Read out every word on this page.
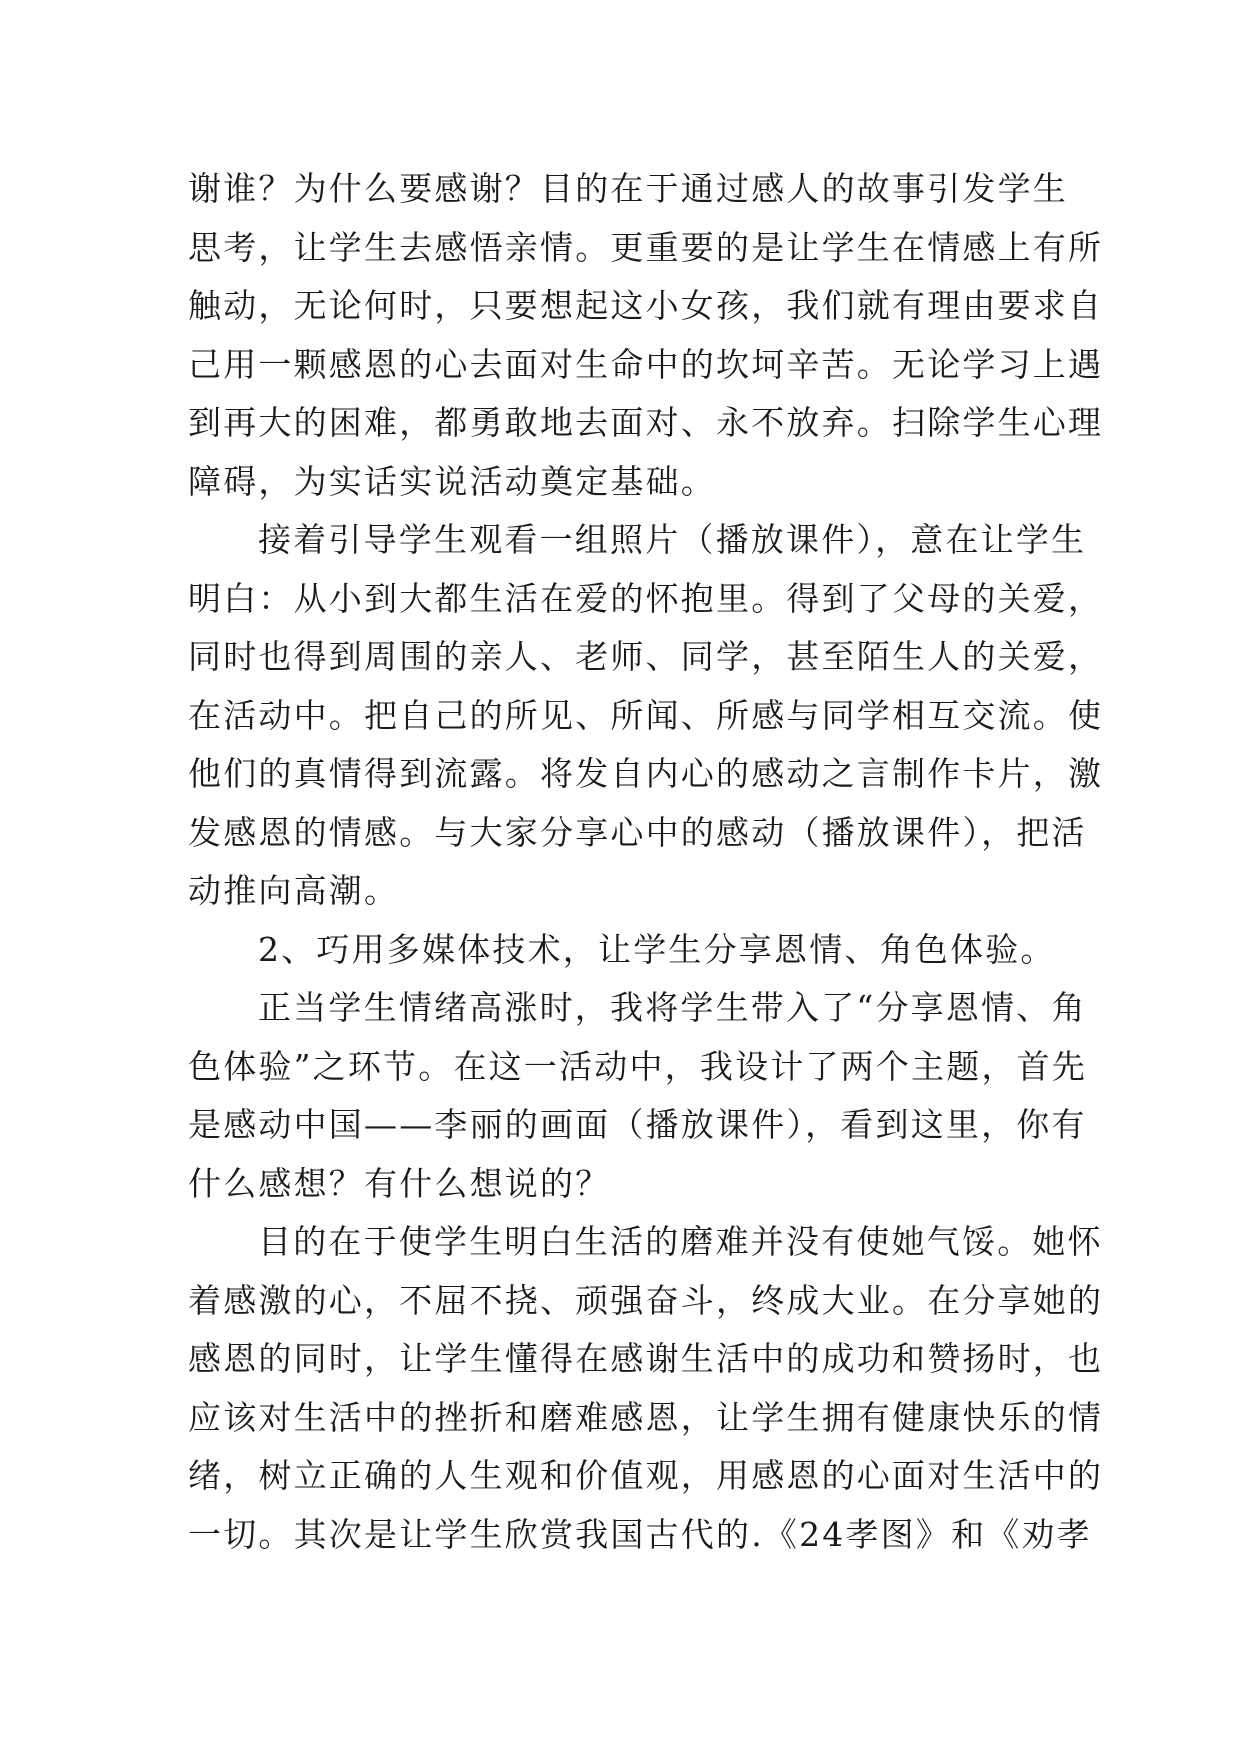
谢谁？为什么要感谢？目的在于通过感人的故事引发学生
思考，让学生去感悟亲情。更重要的是让学生在情感上有所
触动，无论何时，只要想起这小女孩，我们就有理由要求自
己用一颗感恩的心去面对生命中的坎坷辛苦。无论学习上遇
到再大的困难，都勇敢地去面对、永不放弃。扫除学生心理
障碍，为实话实说活动奠定基础。
接着引导学生观看一组照片（播放课件），意在让学生
明白：从小到大都生活在爱的怀抱里。得到了父母的关爱，
同时也得到周围的亲人、老师、同学，甚至陌生人的关爱，
在活动中。把自己的所见、所闻、所感与同学相互交流。使
他们的真情得到流露。将发自内心的感动之言制作卡片，激
发感恩的情感。与大家分享心中的感动（播放课件），把活
动推向高潮。
2、巧用多媒体技术，让学生分享恩情、角色体验。
正当学生情绪高涨时，我将学生带入了“分享恩情、角
色体验”之环节。在这一活动中，我设计了两个主题，首先
是感动中国——李丽的画面（播放课件），看到这里，你有
什么感想？有什么想说的？
目的在于使学生明白生活的磨难并没有使她气馁。她怀
着感激的心，不屈不挠、顽强奋斗，终成大业。在分享她的
感恩的同时，让学生懂得在感谢生活中的成功和赞扬时，也
应该对生活中的挫折和磨难感恩，让学生拥有健康快乐的情
绪，树立正确的人生观和价值观，用感恩的心面对生活中的
一切。其次是让学生欣赏我国古代的.《24孝图》和《劝孝
